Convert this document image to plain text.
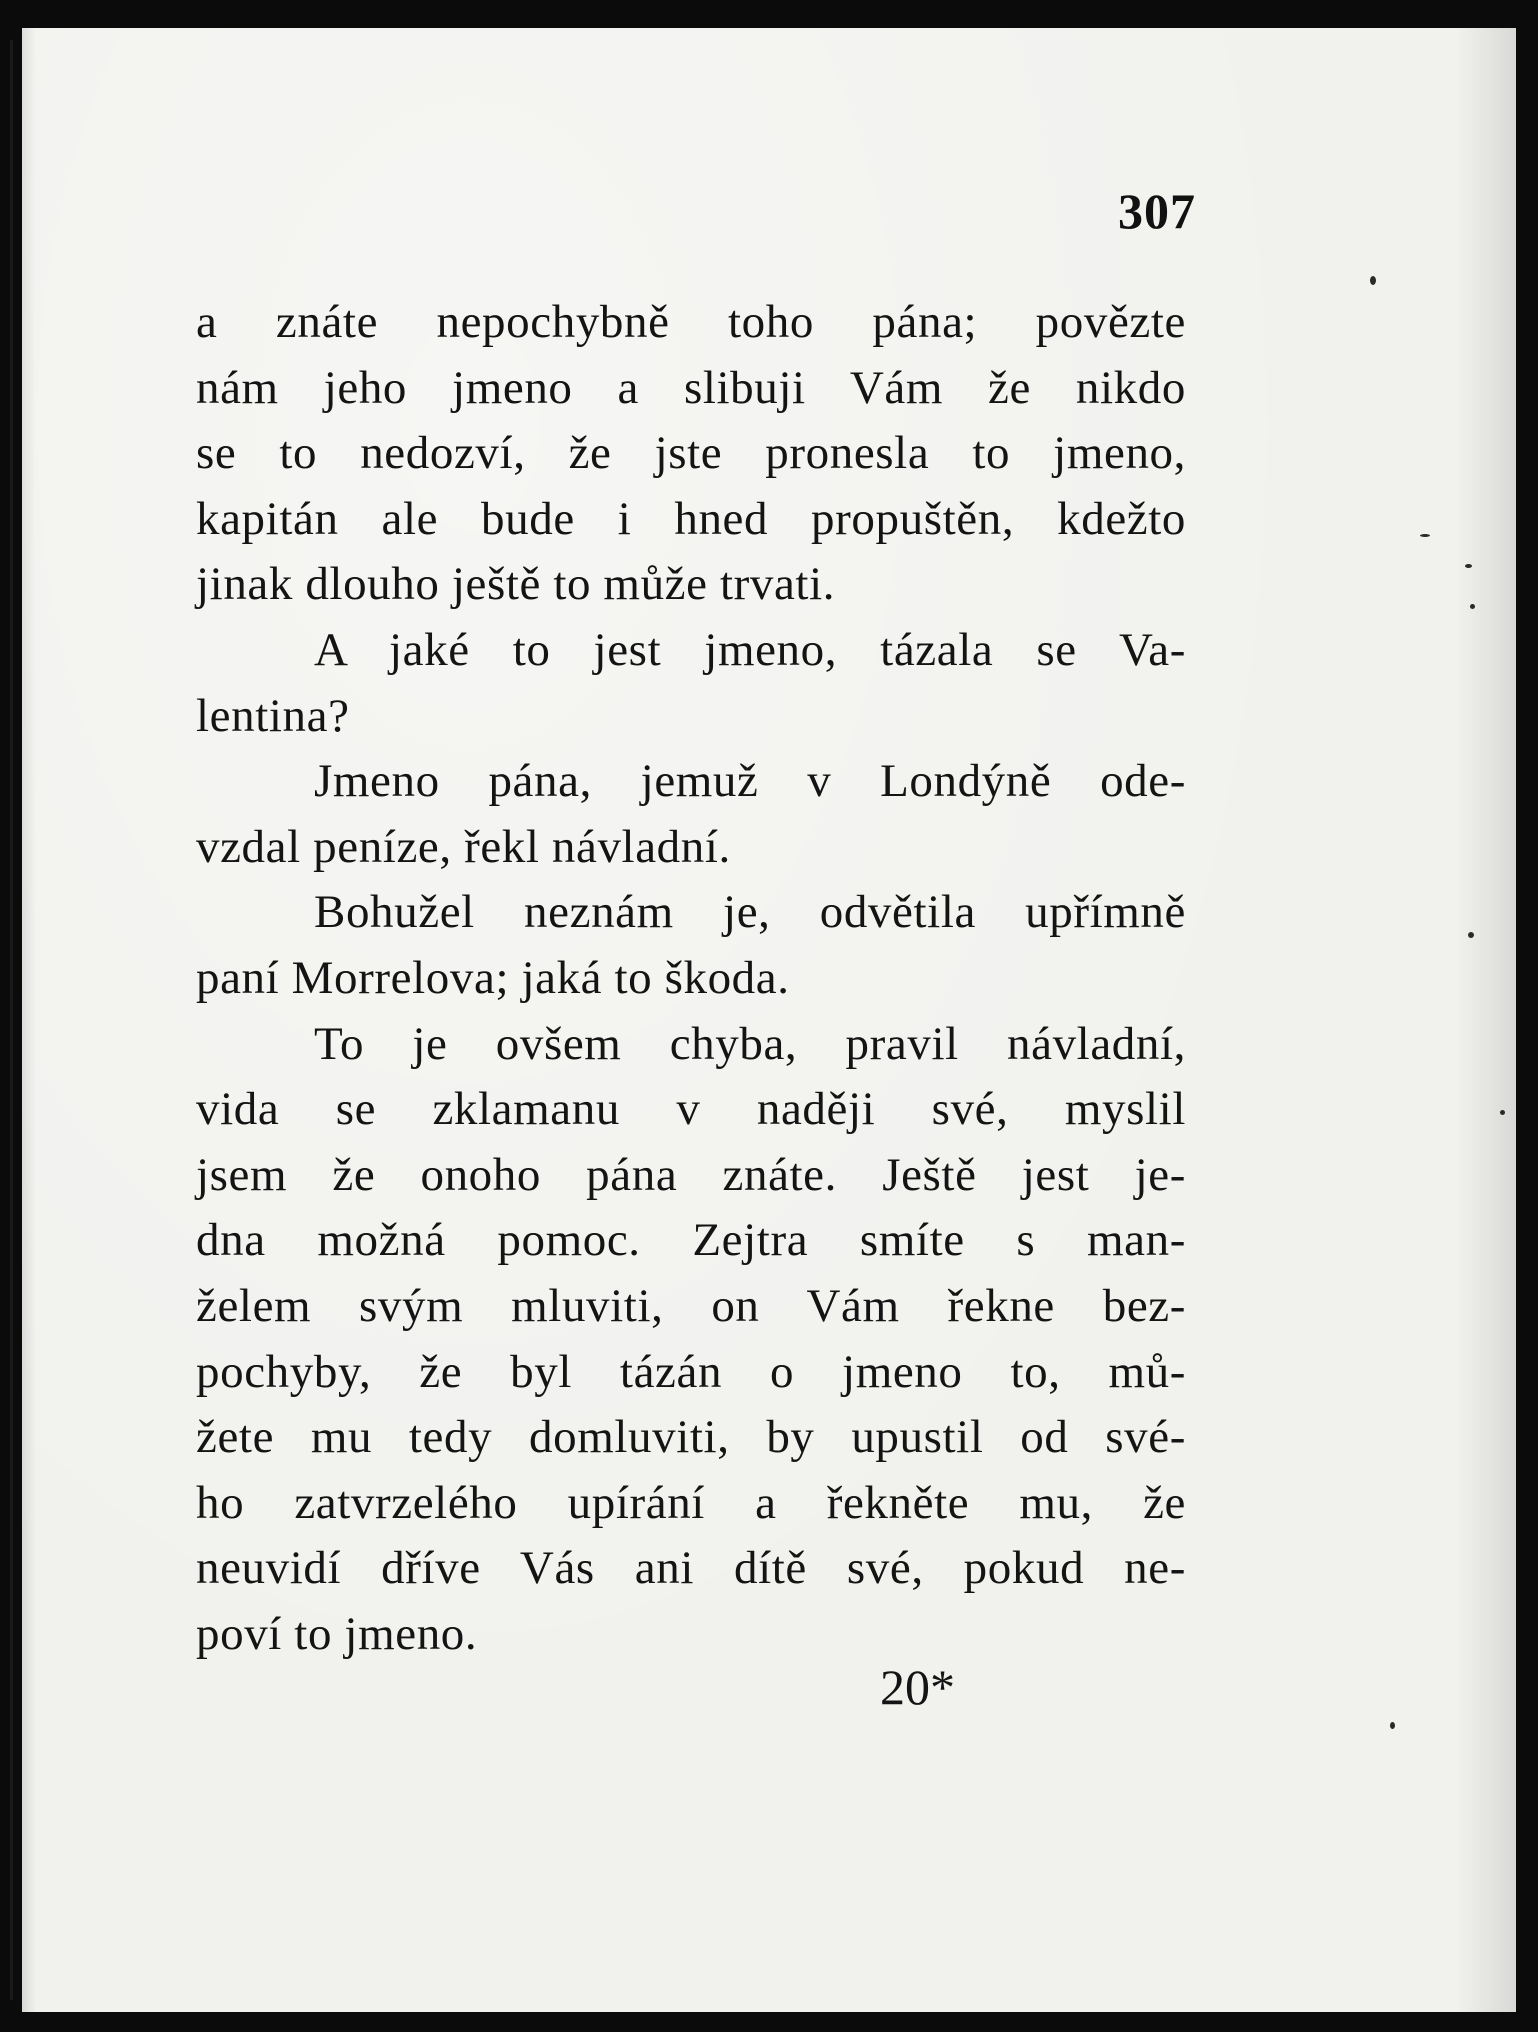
307
a znáte nepochybně toho pána; povězte
nám jeho jmeno a slibuji Vám že nikdo
se to nedozví, že jste pronesla to jmeno,
kapitán ale bude i hned propuštěn, kdežto
jinak dlouho ještě to může trvati.
A jaké to jest jmeno, tázala se Va-
lentina?
Jmeno pána, jemuž v Londýně ode-
vzdal peníze, řekl návladní.
Bohužel neznám je, odvětila upřímně
paní Morrelova; jaká to škoda.
To je ovšem chyba, pravil návladní,
vida se zklamanu v naději své, myslil
jsem že onoho pána znáte. Ještě jest je-
dna možná pomoc. Zejtra smíte s man-
želem svým mluviti, on Vám řekne bez-
pochyby, že byl tázán o jmeno to, mů-
žete mu tedy domluviti, by upustil od své-
ho zatvrzelého upírání a řekněte mu, že
neuvidí dříve Vás ani dítě své, pokud ne-
poví to jmeno.
20*
